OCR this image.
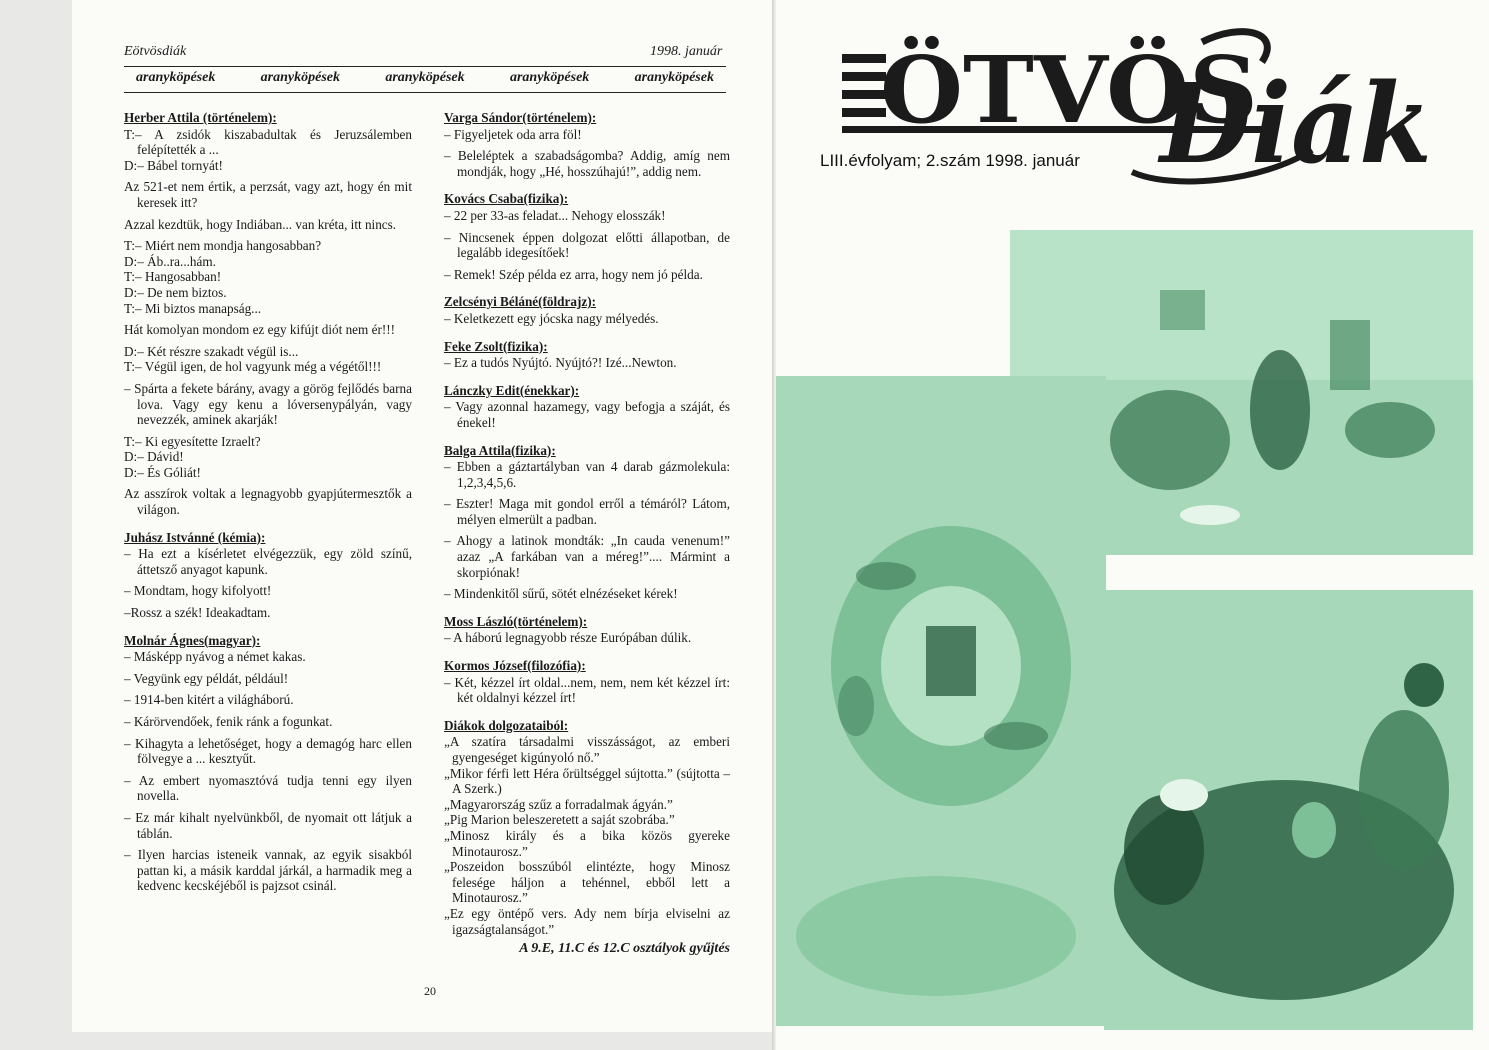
Eötvösdiák	1998. január
aranyköpések	aranyköpések	aranyköpések	aranyköpések	aranyköpések

Herber Attila (történelem):

T:– A zsidók kiszabadultak és Jeruzsálemben felépítették a ...

D:– Bábel tornyát!

Az 521-et nem értik, a perzsát, vagy azt, hogy én mit keresek itt?

Azzal kezdtük, hogy Indiában... van kréta, itt nincs.

T:– Miért nem mondja hangosabban?

D:– Áb..ra...hám.

T:– Hangosabban!

D:– De nem biztos.

T:– Mi biztos manapság...

Hát komolyan mondom ez egy kifújt diót nem ér!!!

D:– Két részre szakadt végül is...

T:– Végül igen, de hol vagyunk még a végétől!!!

– Spárta a fekete bárány, avagy a görög fejlődés barna lova. Vagy egy kenu a lóversenypályán, vagy nevezzék, aminek akarják!

T:– Ki egyesítette Izraelt?

D:– Dávid!

D:– És Góliát!

Az asszírok voltak a legnagyobb gyapjútermesztők a világon.

Juhász Istvánné (kémia):

– Ha ezt a kísérletet elvégezzük, egy zöld színű, áttetsző anyagot kapunk.

– Mondtam, hogy kifolyott!

–Rossz a szék! Ideakadtam.

Molnár Ágnes(magyar):

– Másképp nyávog a német kakas.

– Vegyünk egy példát, például!

– 1914-ben kitért a világháború.

– Kárörvendőek, fenik ránk a fogunkat.

– Kihagyta a lehetőséget, hogy a demagóg harc ellen fölvegye a ... kesztyűt.

– Az embert nyomasztóvá tudja tenni egy ilyen novella.

– Ez már kihalt nyelvünkből, de nyomait ott látjuk a táblán.

– Ilyen harcias isteneik vannak, az egyik sisakból pattan ki, a másik karddal járkál, a harmadik meg a kedvenc kecskéjéből is pajzsot csinál.

Varga Sándor(történelem):

– Figyeljetek oda arra föl!

– Beleléptek a szabadságomba? Addig, amíg nem mondják, hogy „Hé, hosszúhajú!”, addig nem.

Kovács Csaba(fizika):

– 22 per 33-as feladat... Nehogy elosszák!

– Nincsenek éppen dolgozat előtti állapotban, de legalább idegesítőek!

– Remek! Szép példa ez arra, hogy nem jó példa.

Zelcsényi Béláné(földrajz):

– Keletkezett egy jócska nagy mélyedés.

Feke Zsolt(fizika):

– Ez a tudós Nyújtó. Nyújtó?! Izé...Newton.

Lánczky Edit(énekkar):

– Vagy azonnal hazamegy, vagy befogja a száját, és énekel!

Balga Attila(fizika):

– Ebben a gáztartályban van 4 darab gázmolekula: 1,2,3,4,5,6.

– Eszter! Maga mit gondol erről a témáról? Látom, mélyen elmerült a padban.

– Ahogy a latinok mondták: „In cauda venenum!” azaz „A farkában van a méreg!”.... Mármint a skorpiónak!

– Mindenkitől sűrű, sötét elnézéseket kérek!

Moss László(történelem):

– A háború legnagyobb része Európában dúlik.

Kormos József(filozófia):

– Két, kézzel írt oldal...nem, nem, nem két kézzel írt: két oldalnyi kézzel írt!

Diákok dolgozataiból:

„A szatíra társadalmi visszásságot, az emberi gyengeséget kigúnyoló nő.”

„Mikor férfi lett Héra őrültséggel sújtotta.” (sújtotta – A Szerk.)

„Magyarország szűz a forradalmak ágyán.”

„Pig Marion beleszeretett a saját szobrába.”

„Minosz király és a bika közös gyereke Minotaurosz.”

„Poszeidon bosszúból elintézte, hogy Minosz felesége háljon a tehénnel, ebből lett a Minotaurosz.”

„Ez egy öntépő vers. Ady nem bírja elviselni az igazságtalanságot.”

A 9.E, 11.C és 12.C osztályok gyűjtés

20
ÖTVÖS
Diák
LIII.évfolyam; 2.szám 1998. január
